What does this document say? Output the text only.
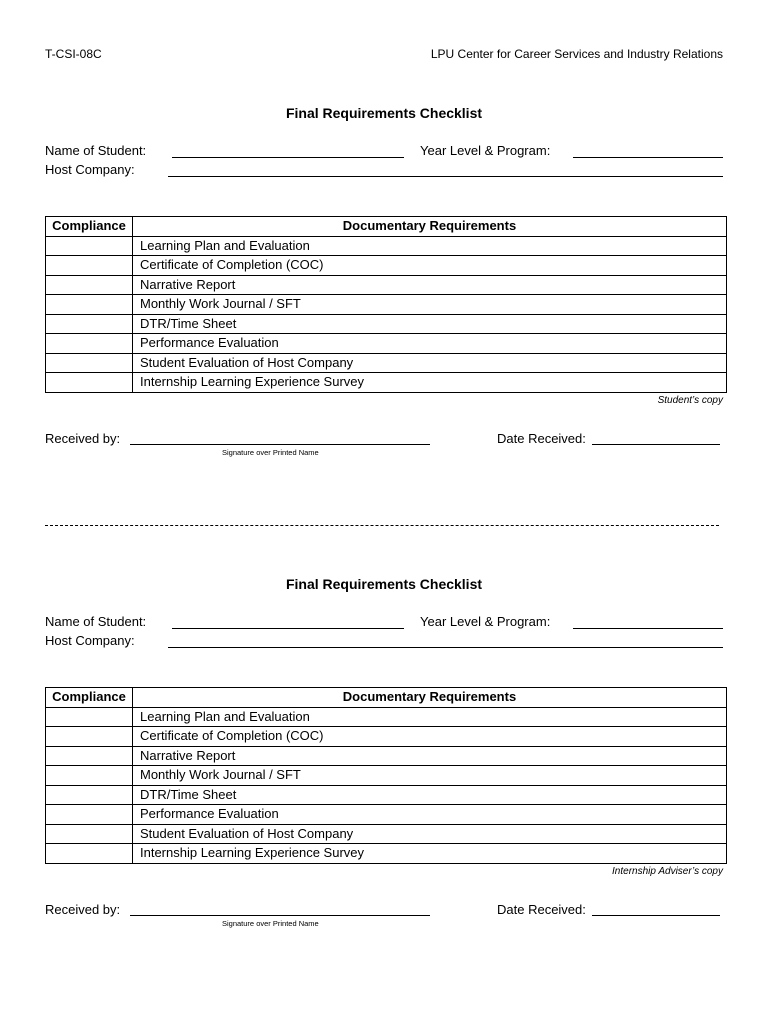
T-CSI-08C	LPU Center for Career Services and Industry Relations
Final Requirements Checklist
Name of Student:	Year Level & Program:
Host Company:
Compliance	Documentary Requirements
	Learning Plan and Evaluation
	Certificate of Completion (COC)
	Narrative Report
	Monthly Work Journal / SFT
	DTR/Time Sheet
	Performance Evaluation
	Student Evaluation of Host Company
	Internship Learning Experience Survey
Student’s copy
Received by:
Signature over Printed Name
Date Received:
Final Requirements Checklist
Name of Student:	Year Level & Program:
Host Company:
Compliance	Documentary Requirements
	Learning Plan and Evaluation
	Certificate of Completion (COC)
	Narrative Report
	Monthly Work Journal / SFT
	DTR/Time Sheet
	Performance Evaluation
	Student Evaluation of Host Company
	Internship Learning Experience Survey
Internship Adviser’s copy
Received by:
Signature over Printed Name
Date Received:
